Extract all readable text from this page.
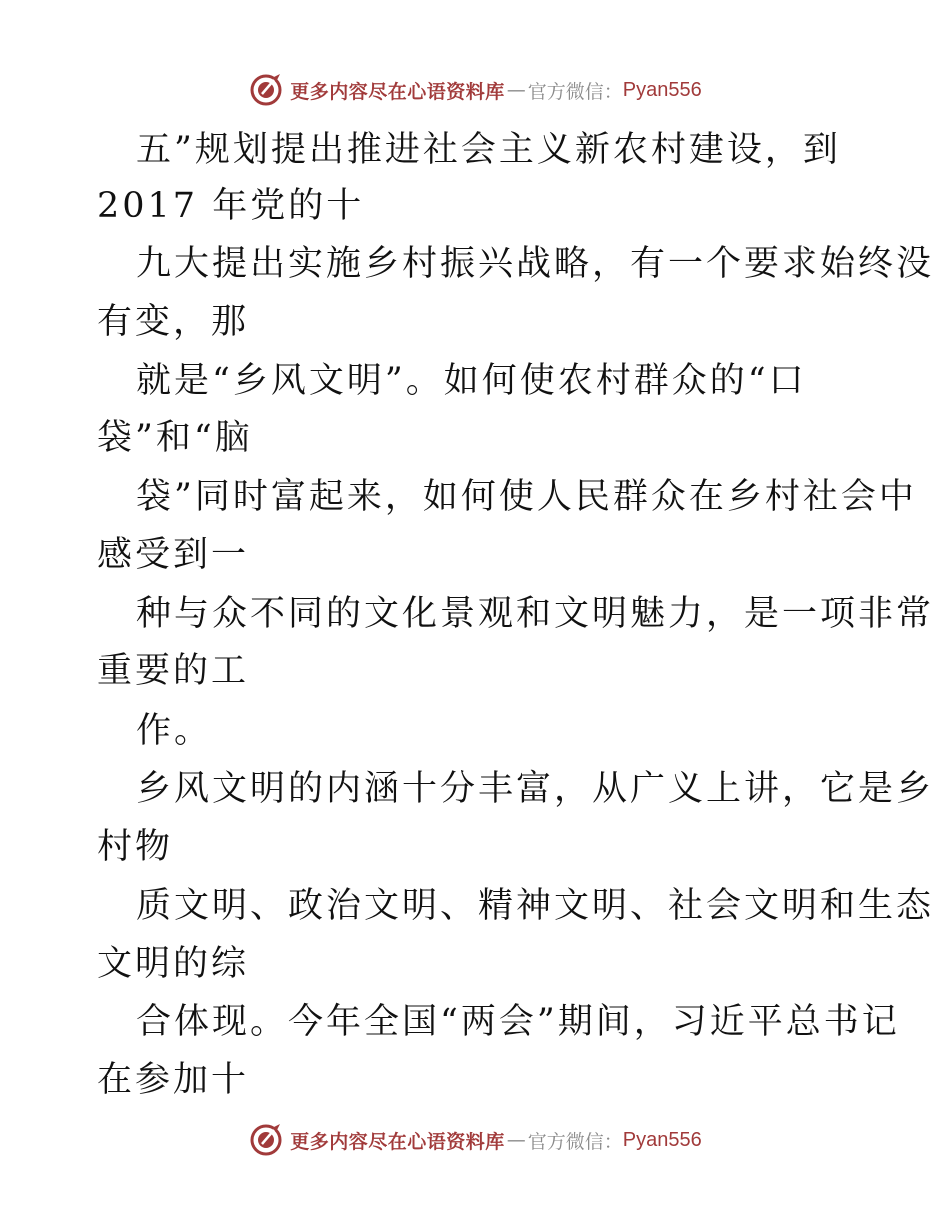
更多内容尽在心语资料库 — 官方微信： Pyan556
五”规划提出推进社会主义新农村建设，到
2017 年党的十
九大提出实施乡村振兴战略，有一个要求始终没
有变，那
就是“乡风文明”。如何使农村群众的“口
袋”和“脑
袋”同时富起来，如何使人民群众在乡村社会中
感受到一
种与众不同的文化景观和文明魅力，是一项非常
重要的工
作。
乡风文明的内涵十分丰富，从广义上讲，它是乡
村物
质文明、政治文明、精神文明、社会文明和生态
文明的综
合体现。今年全国“两会”期间，习近平总书记
在参加十
更多内容尽在心语资料库 — 官方微信： Pyan556
